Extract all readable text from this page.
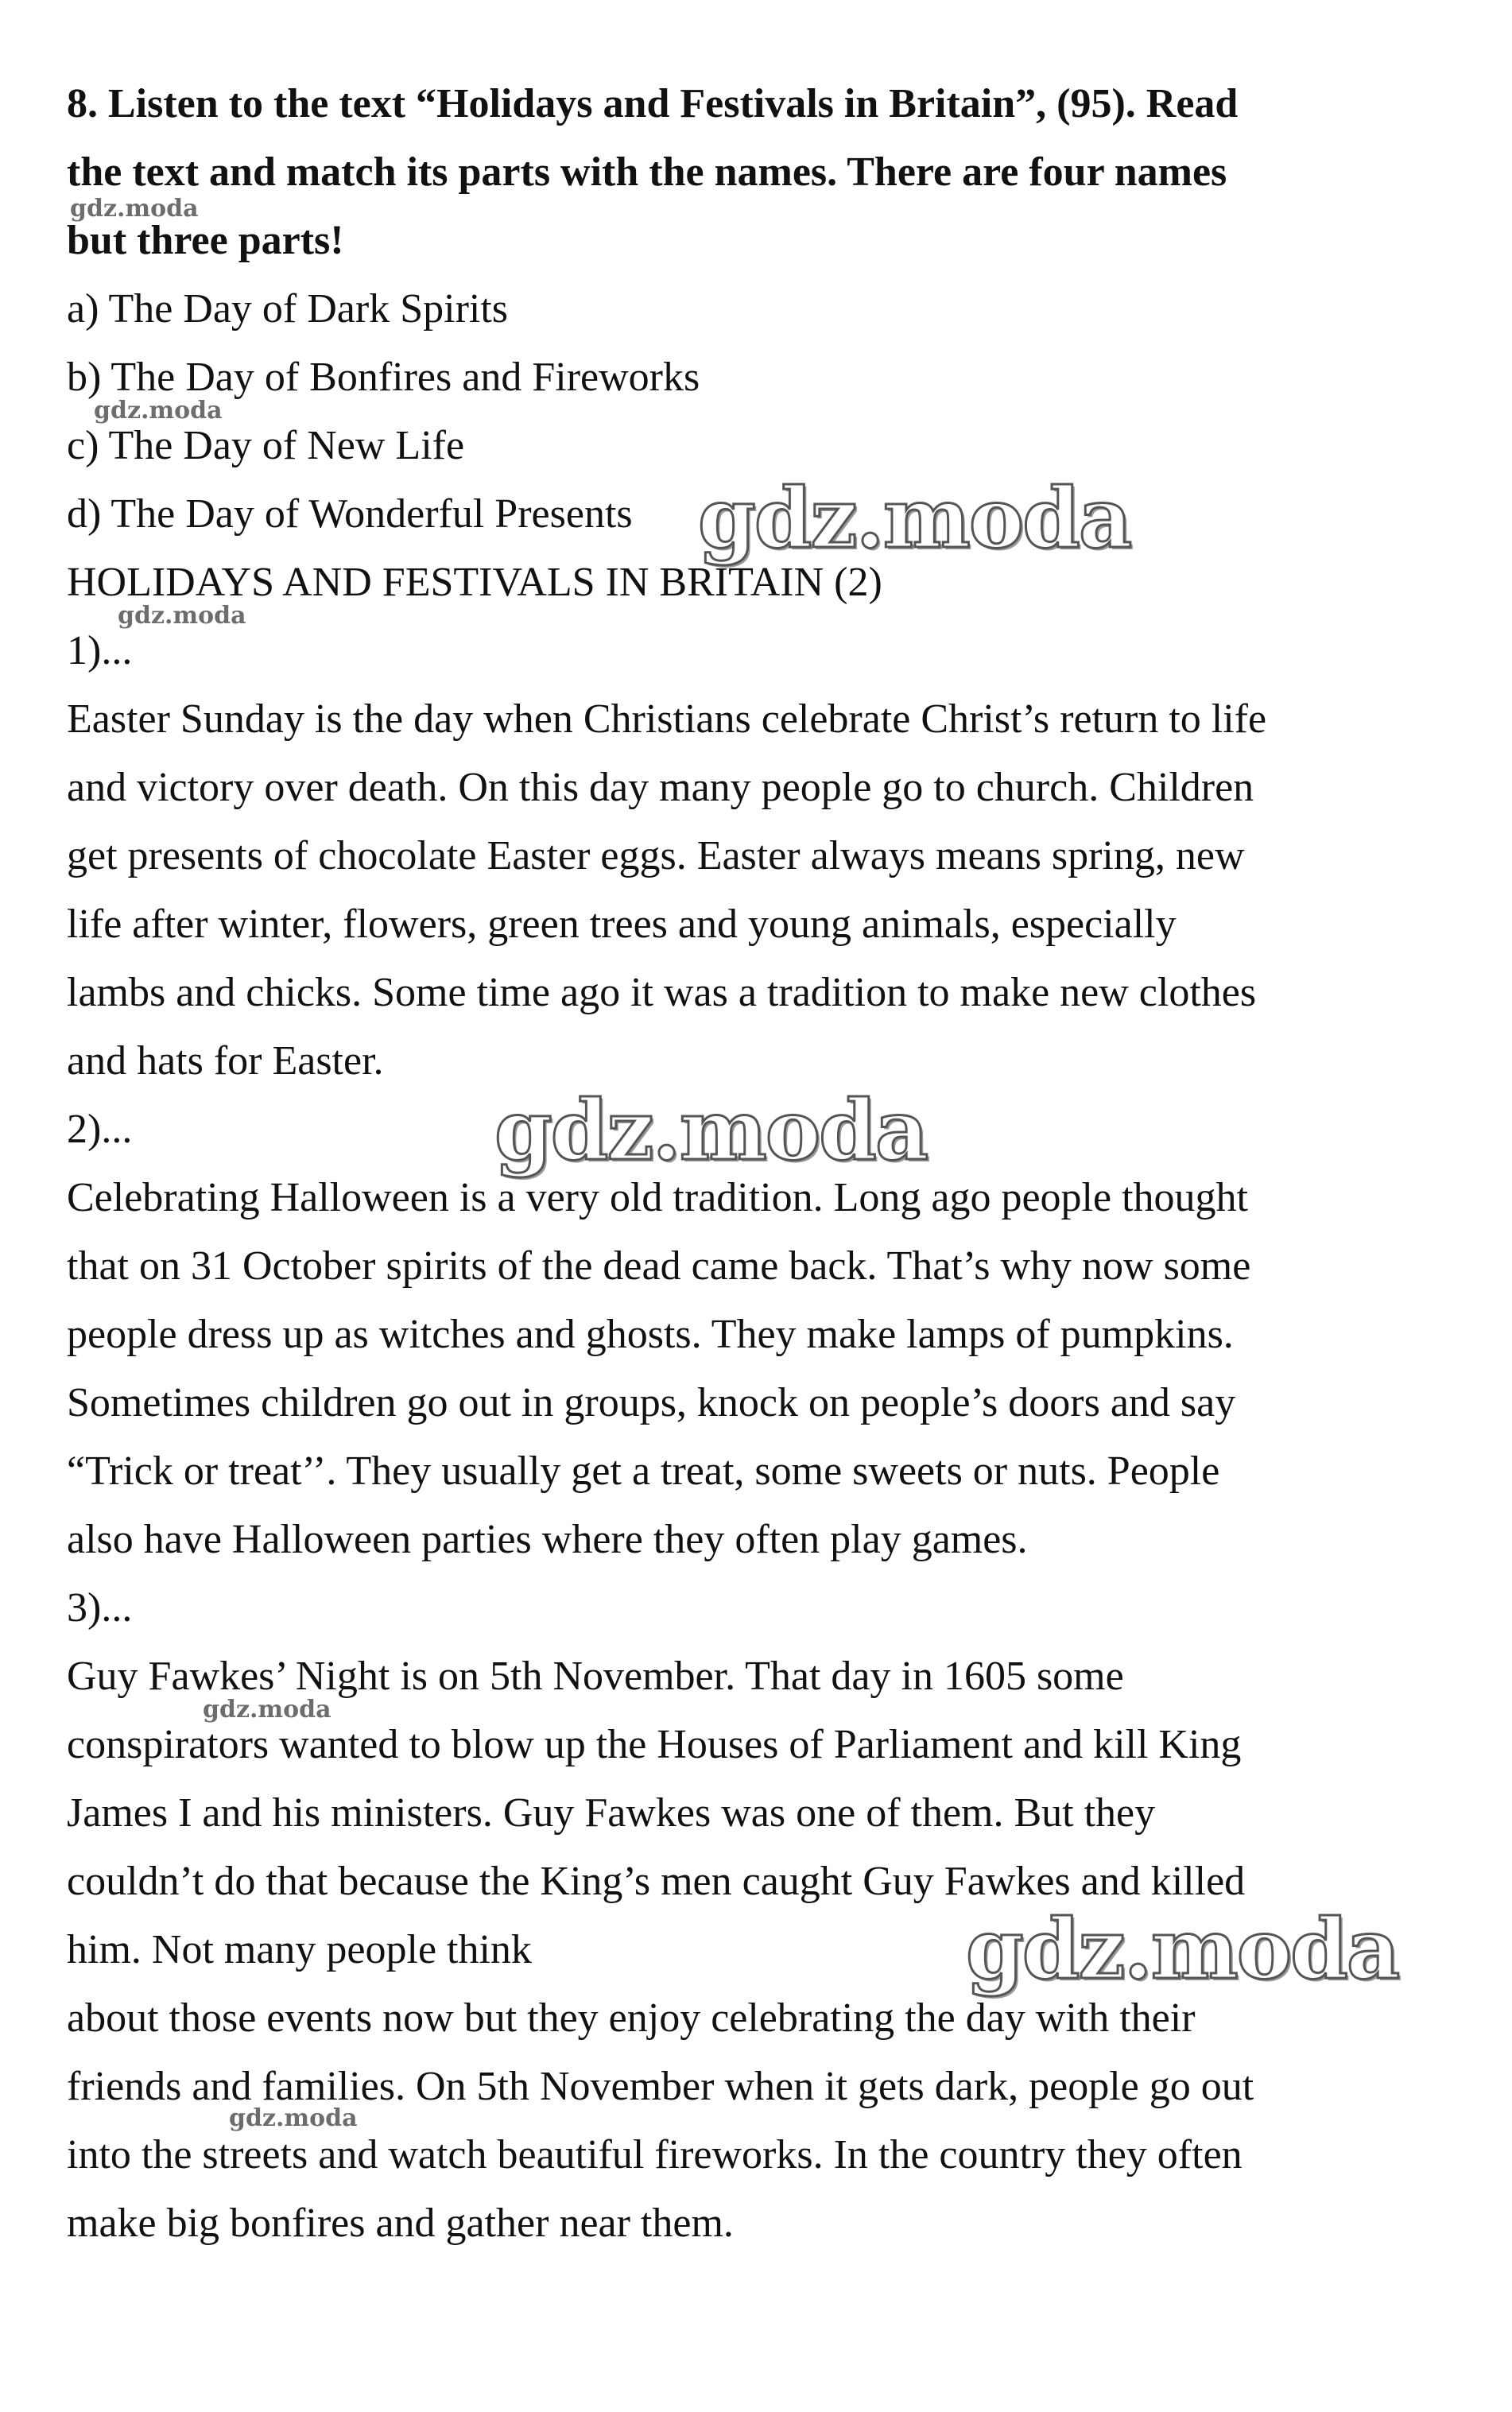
8. Listen to the text “Holidays and Festivals in Britain”, (95). Read

the text and match its parts with the names. There are four names

but three parts!

a) The Day of Dark Spirits

b) The Day of Bonfires and Fireworks

c) The Day of New Life

d) The Day of Wonderful Presents

HOLIDAYS AND FESTIVALS IN BRITAIN (2)

1)...

Easter Sunday is the day when Christians celebrate Christ’s return to life

and victory over death. On this day many people go to church. Children

get presents of chocolate Easter eggs. Easter always means spring, new

life after winter, flowers, green trees and young animals, especially

lambs and chicks. Some time ago it was a tradition to make new clothes

and hats for Easter.

2)...

Celebrating Halloween is a very old tradition. Long ago people thought

that on 31 October spirits of the dead came back. That’s why now some

people dress up as witches and ghosts. They make lamps of pumpkins.

Sometimes children go out in groups, knock on people’s doors and say

“Trick or treat’’. They usually get a treat, some sweets or nuts. People

also have Halloween parties where they often play games.

3)...

Guy Fawkes’ Night is on 5th November. That day in 1605 some

conspirators wanted to blow up the Houses of Parliament and kill King

James I and his ministers. Guy Fawkes was one of them. But they

couldn’t do that because the King’s men caught Guy Fawkes and killed

him. Not many people think

about those events now but they enjoy celebrating the day with their

friends and families. On 5th November when it gets dark, people go out

into the streets and watch beautiful fireworks. In the country they often

make big bonfires and gather near them.

gdz.moda
gdz.moda
gdz.moda
gdz.moda
gdz.moda
gdz.moda
gdz.moda
gdz.moda
